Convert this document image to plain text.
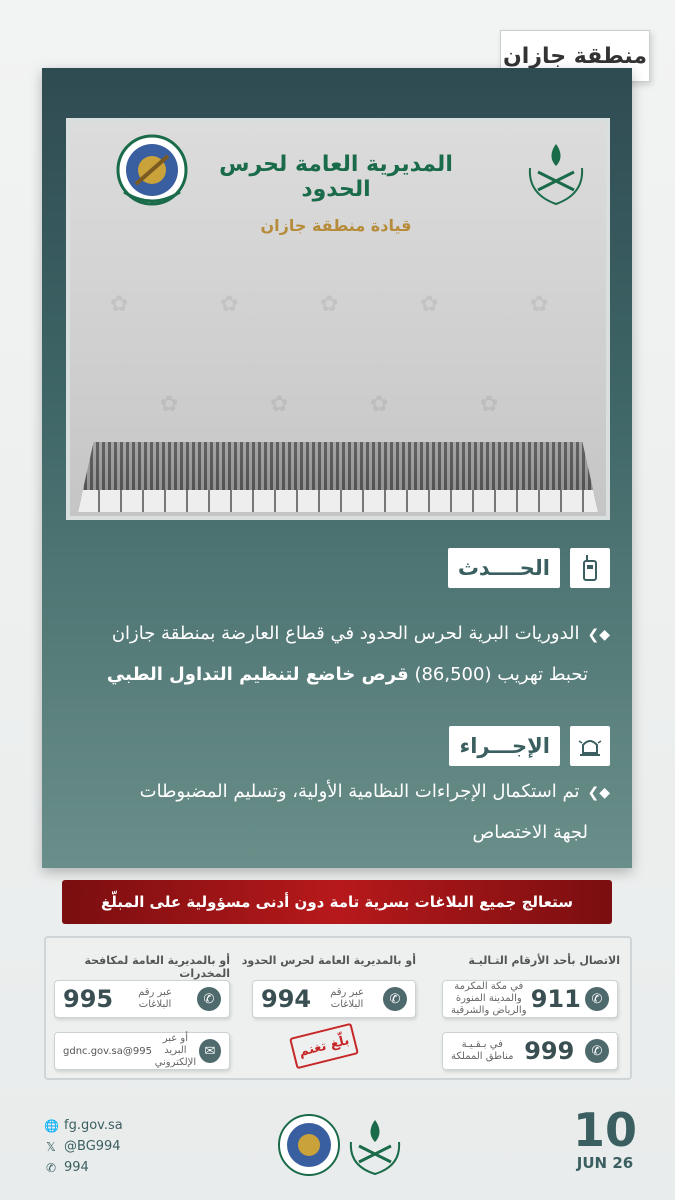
منطقة جازان
✿	✿	✿	✿	✿
✿	✿	✿	✿
المديرية العامة لحرس الحدود
قيادة منطقة جازان
الحــــدث
◆❯الدوريات البرية لحرس الحدود في قطاع العارضة بمنطقة جازان
تحبط تهريب (86,500) قرص خاضع لتنظيم التداول الطبي
الإجـــراء
◆❯تم استكمال الإجراءات النظامية الأولية، وتسليم المضبوطات
لجهة الاختصاص
ستعالج جميع البلاغات بسرية تامة دون أدنى مسؤولية على المبلّغ
الاتصال بأحد الأرقام التـاليـة
أو بالمديرية العامة لحرس الحدود
أو بالمديرية العامة لمكافحة المخدرات
✆
911
في مكة المكرمة
والمدينة المنورة
والرياض والشرقية
✆
999
في بـقـيـة
مناطق المملكة
✆
عبر رقم
البلاغات
994
✆
عبر رقم
البلاغات
995
✉
أو عبر البريد
الإلكتروني
995@gdnc.gov.sa	بلّغ تغنم
🌐 fg.gov.sa
𝕏 @BG994
✆ 994
10
JUN 26
